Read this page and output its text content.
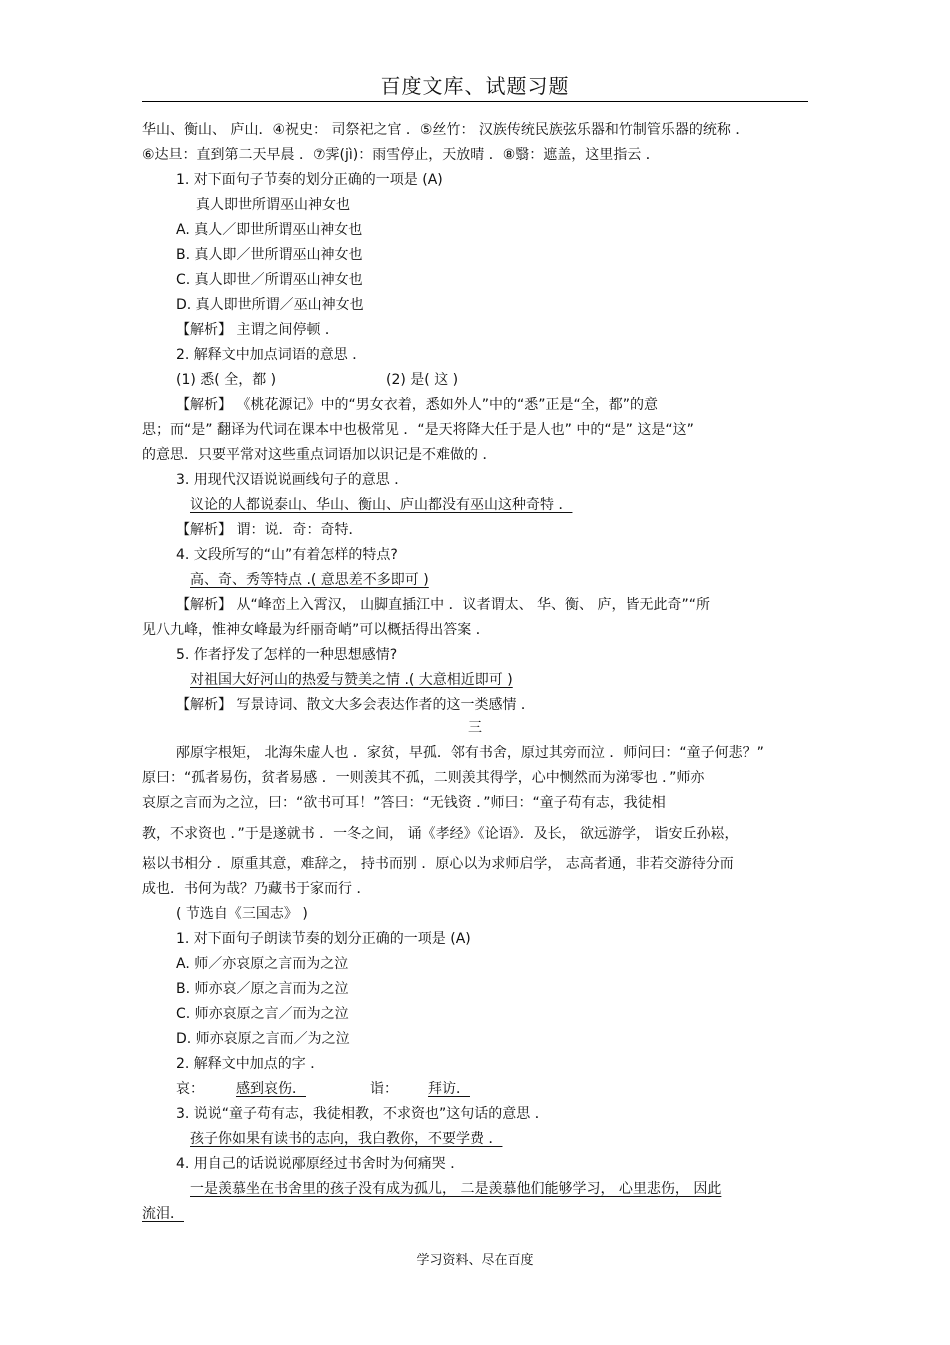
百度文库、试题习题
华山、衡山、 庐山．④祝史： 司祭祀之官 ．⑤丝竹： 汉族传统民族弦乐器和竹制管乐器的统称 ．
⑥达旦：直到第二天早晨 ．⑦霁(jì)：雨雪停止，天放晴 ．⑧翳：遮盖，这里指云 ．
1. 对下面句子节奏的划分正确的一项是 (A)
真人即世所谓巫山神女也
A. 真人／即世所谓巫山神女也
B. 真人即／世所谓巫山神女也
C. 真人即世／所谓巫山神女也
D. 真人即世所谓／巫山神女也
【解析】 主谓之间停顿 ．
2. 解释文中加点词语的意思 ．
(1) 悉( 全，都 )	(2) 是( 这 )
【解析】 《桃花源记》中的“男女衣着，悉如外人”中的“悉”正是“全，都”的意
思；而“是” 翻译为代词在课本中也极常见 ．“是天将降大任于是人也” 中的“是” 这是“这”
的意思．只要平常对这些重点词语加以识记是不难做的 ．
3. 用现代汉语说说画线句子的意思 ．
议论的人都说泰山、华山、衡山、庐山都没有巫山这种奇特 ．
【解析】 谓：说．奇：奇特．
4. 文段所写的“山”有着怎样的特点?
高、奇、秀等特点 .( 意思差不多即可 )
【解析】 从“峰峦上入霄汉， 山脚直插江中 ．议者谓太、 华、衡、 庐，皆无此奇”“所
见八九峰，惟神女峰最为纤丽奇峭”可以概括得出答案 ．
5. 作者抒发了怎样的一种思想感情?
对祖国大好河山的热爱与赞美之情 .( 大意相近即可 )
【解析】 写景诗词、散文大多会表达作者的这一类感情 ．
三
邴原字根矩， 北海朱虚人也 ．家贫，早孤．邻有书舍，原过其旁而泣 ．师问曰：“童子何悲？”
原曰：“孤者易伤，贫者易感 ．一则羡其不孤，二则羡其得学，心中恻然而为涕零也 ．”师亦
哀原之言而为之泣，曰：“欲书可耳！”答曰：“无钱资 ．”师曰：“童子苟有志，我徒相
教，不求资也 ．”于是遂就书 ．一冬之间， 诵《孝经》《论语》．及长， 欲远游学， 诣安丘孙崧，
崧以书相分 ．原重其意，难辞之， 持书而别 ．原心以为求师启学， 志高者通，非若交游待分而
成也．书何为哉？乃藏书于家而行 ．
( 节选自《三国志》 )
1. 对下面句子朗读节奏的划分正确的一项是 (A)
A. 师／亦哀原之言而为之泣
B. 师亦哀／原之言而为之泣
C. 师亦哀原之言／而为之泣
D. 师亦哀原之言而／为之泣
2. 解释文中加点的字 ．
哀： 感到哀伤．	诣： 拜访．
3. 说说“童子苟有志，我徒相教，不求资也”这句话的意思 ．
孩子你如果有读书的志向，我白教你，不要学费 ．
4. 用自己的话说说邴原经过书舍时为何痛哭 ．
一是羡慕坐在书舍里的孩子没有成为孤儿， 二是羡慕他们能够学习， 心里悲伤， 因此
流泪．
学习资料、尽在百度
